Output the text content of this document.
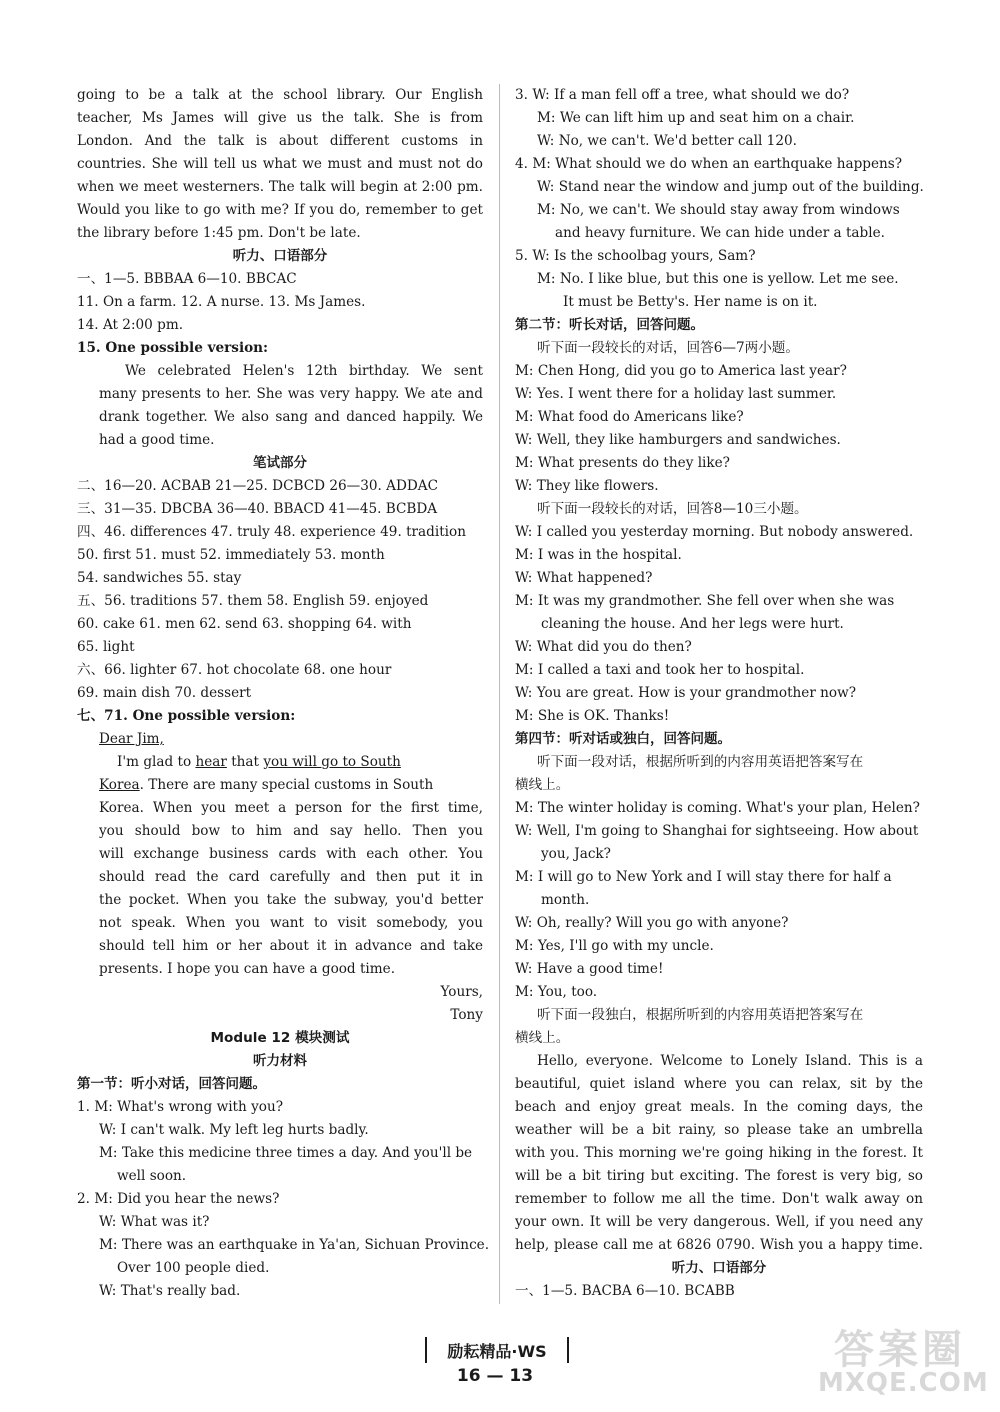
going to be a talk at the school library. Our English
teacher, Ms James will give us the talk. She is from
London. And the talk is about different customs in
countries. She will tell us what we must and must not do
when we meet westerners. The talk will begin at 2:00 pm.
Would you like to go with me? If you do, remember to get
the library before 1:45 pm. Don't be late.
听力、口语部分
一、1—5. BBBAA 6—10. BBCAC
11. On a farm. 12. A nurse. 13. Ms James.
14. At 2:00 pm.
15. One possible version:
We celebrated Helen's 12th birthday. We sent
many presents to her. She was very happy. We ate and
drank together. We also sang and danced happily. We
had a good time.
笔试部分
二、16—20. ACBAB 21—25. DCBCD 26—30. ADDAC
三、31—35. DBCBA 36—40. BBACD 41—45. BCBDA
四、46. differences 47. truly 48. experience 49. tradition
50. first 51. must 52. immediately 53. month
54. sandwiches 55. stay
五、56. traditions 57. them 58. English 59. enjoyed
60. cake 61. men 62. send 63. shopping 64. with
65. light
六、66. lighter 67. hot chocolate 68. one hour
69. main dish 70. dessert
七、71. One possible version:
Dear Jim,
I'm glad to hear that you will go to South
Korea. There are many special customs in South
Korea. When you meet a person for the first time,
you should bow to him and say hello. Then you
will exchange business cards with each other. You
should read the card carefully and then put it in
the pocket. When you take the subway, you'd better
not speak. When you want to visit somebody, you
should tell him or her about it in advance and take
presents. I hope you can have a good time.
Yours,
Tony
Module 12 模块测试
听力材料
第一节：听小对话，回答问题。
1. M: What's wrong with you?
W: I can't walk. My left leg hurts badly.
M: Take this medicine three times a day. And you'll be
well soon.
2. M: Did you hear the news?
W: What was it?
M: There was an earthquake in Ya'an, Sichuan Province.
Over 100 people died.
W: That's really bad.
3. W: If a man fell off a tree, what should we do?
M: We can lift him up and seat him on a chair.
W: No, we can't. We'd better call 120.
4. M: What should we do when an earthquake happens?
W: Stand near the window and jump out of the building.
M: No, we can't. We should stay away from windows
and heavy furniture. We can hide under a table.
5. W: Is the schoolbag yours, Sam?
M: No. I like blue, but this one is yellow. Let me see.
It must be Betty's. Her name is on it.
第二节：听长对话，回答问题。
听下面一段较长的对话，回答6—7两小题。
M: Chen Hong, did you go to America last year?
W: Yes. I went there for a holiday last summer.
M: What food do Americans like?
W: Well, they like hamburgers and sandwiches.
M: What presents do they like?
W: They like flowers.
听下面一段较长的对话，回答8—10三小题。
W: I called you yesterday morning. But nobody answered.
M: I was in the hospital.
W: What happened?
M: It was my grandmother. She fell over when she was
cleaning the house. And her legs were hurt.
W: What did you do then?
M: I called a taxi and took her to hospital.
W: You are great. How is your grandmother now?
M: She is OK. Thanks!
第四节：听对话或独白，回答问题。
听下面一段对话，根据所听到的内容用英语把答案写在
横线上。
M: The winter holiday is coming. What's your plan, Helen?
W: Well, I'm going to Shanghai for sightseeing. How about
you, Jack?
M: I will go to New York and I will stay there for half a
month.
W: Oh, really? Will you go with anyone?
M: Yes, I'll go with my uncle.
W: Have a good time!
M: You, too.
听下面一段独白，根据所听到的内容用英语把答案写在
横线上。
Hello, everyone. Welcome to Lonely Island. This is a
beautiful, quiet island where you can relax, sit by the
beach and enjoy great meals. In the coming days, the
weather will be a bit rainy, so please take an umbrella
with you. This morning we're going hiking in the forest. It
will be a bit tiring but exciting. The forest is very big, so
remember to follow me all the time. Don't walk away on
your own. It will be very dangerous. Well, if you need any
help, please call me at 6826 0790. Wish you a happy time.
听力、口语部分
一、1—5. BACBA 6—10. BCABB
励耘精品·WS
16 — 13
答案圈
MXQE.COM
